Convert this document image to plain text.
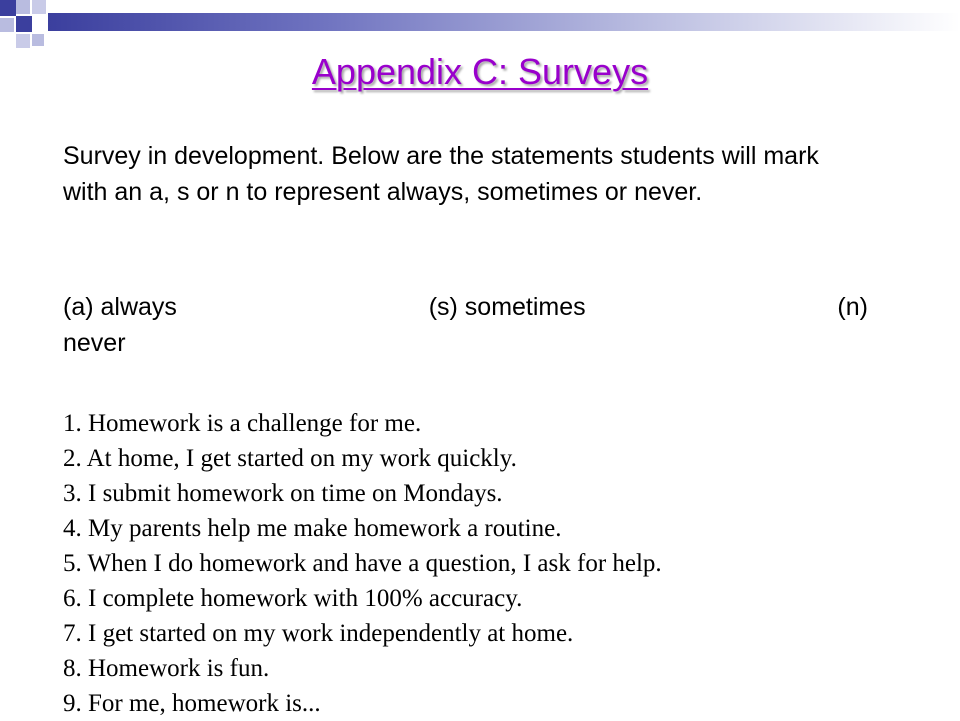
Appendix C: Surveys

Survey in development. Below are the statements students will mark with an a, s or n to represent always, sometimes or never.

(a) always	(s) sometimes	(n)
never
1. Homework is a challenge for me.
2. At home, I get started on my work quickly.
3. I submit homework on time on Mondays.
4. My parents help me make homework a routine.
5. When I do homework and have a question, I ask for help.
6. I complete homework with 100% accuracy.
7. I get started on my work independently at home.
8. Homework is fun.
9. For me, homework is...
